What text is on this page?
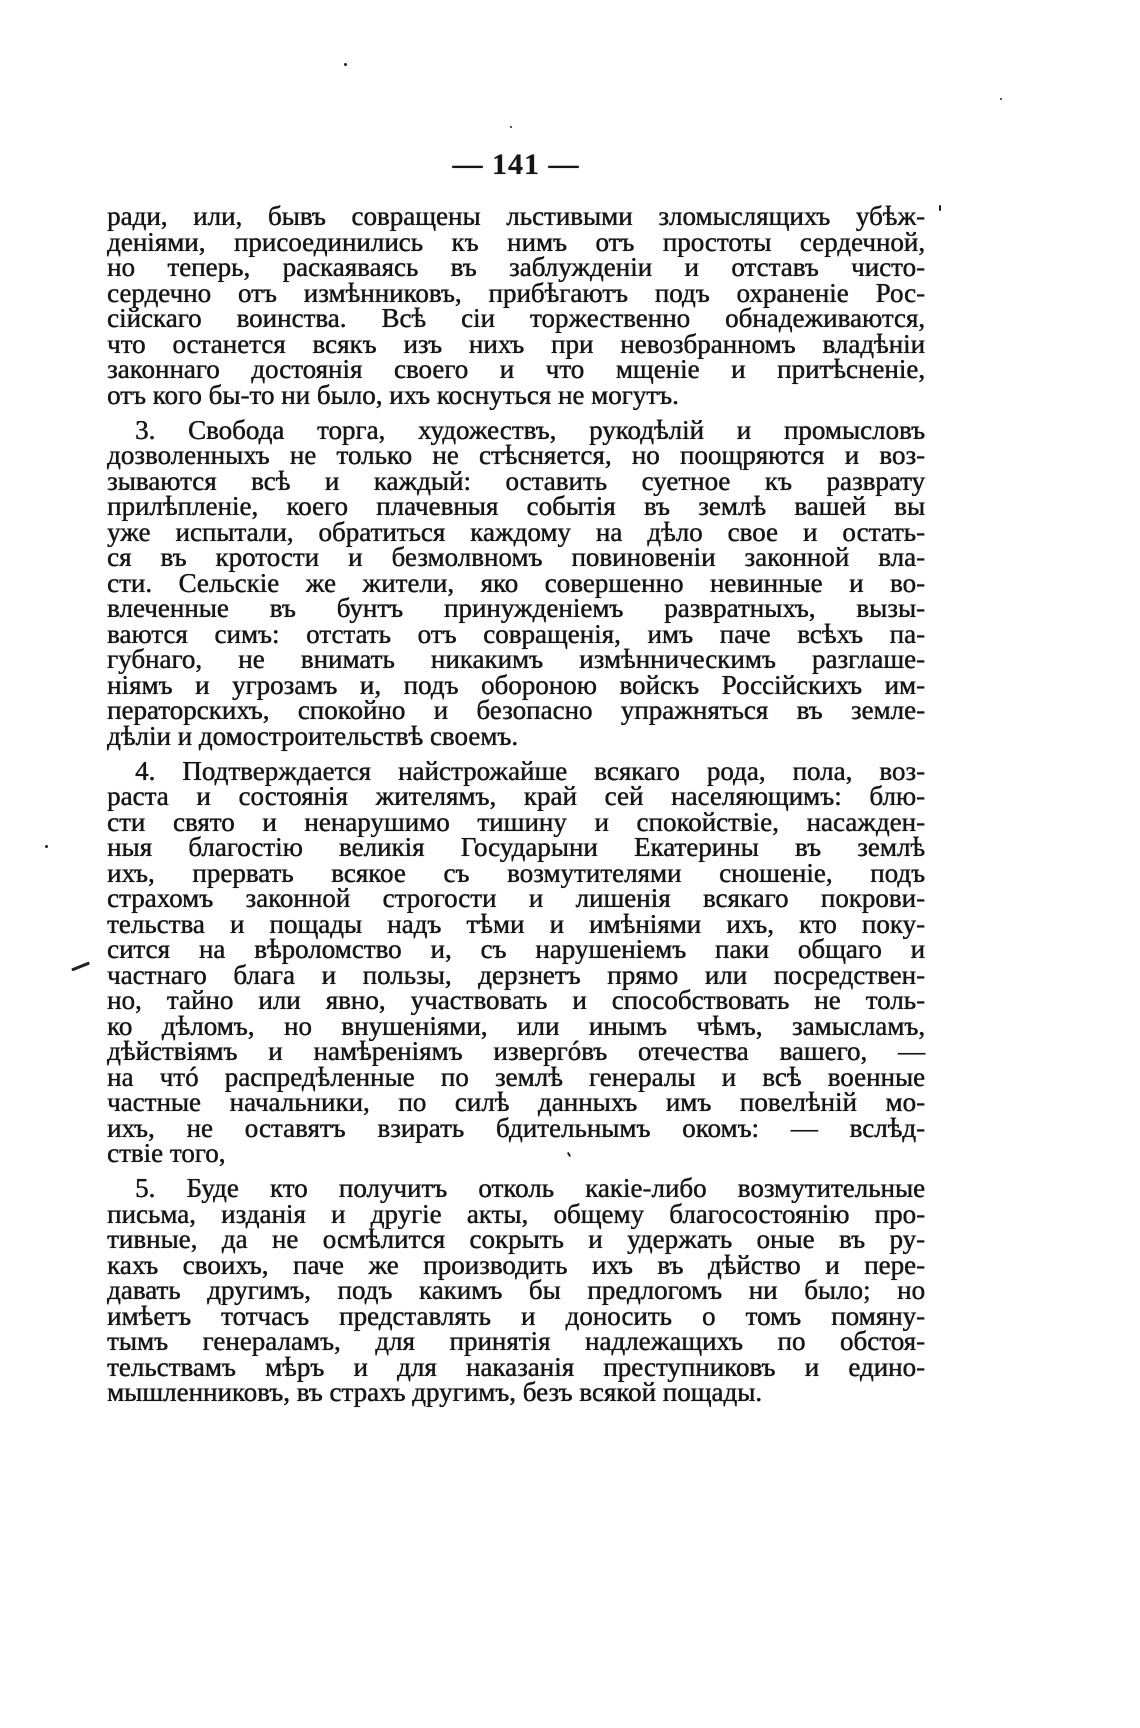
— 141 —
ради, или, бывъ совращены льстивыми зломыслящихъ убѣж-
деніями, присоединились къ нимъ отъ простоты сердечной,
но теперь, раскаяваясь въ заблужденіи и отставъ чисто-
сердечно отъ измѣнниковъ, прибѣгаютъ подъ охраненіе Рос-
сійскаго воинства. Всѣ сіи торжественно обнадеживаются,
что останется всякъ изъ нихъ при невозбранномъ владѣніи
законнаго достоянія своего и что мщеніе и притѣсненіе,
отъ кого бы-то ни было, ихъ коснуться не могутъ.
3. Свобода торга, художествъ, рукодѣлій и промысловъ
дозволенныхъ не только не стѣсняется, но поощряются и воз-
зываются всѣ и каждый: оставить суетное къ разврату
прилѣпленіе, коего плачевныя событія въ землѣ вашей вы
уже испытали, обратиться каждому на дѣло свое и остать-
ся въ кротости и безмолвномъ повиновеніи законной вла-
сти. Сельскіе же жители, яко совершенно невинные и во-
влеченные въ бунтъ принужденіемъ развратныхъ, вызы-
ваются симъ: отстать отъ совращенія, имъ паче всѣхъ па-
губнаго, не внимать никакимъ измѣнническимъ разглаше-
ніямъ и угрозамъ и, подъ обороною войскъ Россійскихъ им-
ператорскихъ, спокойно и безопасно упражняться въ земле-
дѣліи и домостроительствѣ своемъ.
4. Подтверждается найстрожайше всякаго рода, пола, воз-
раста и состоянія жителямъ, край сей населяющимъ: блю-
сти свято и ненарушимо тишину и спокойствіе, насажден-
ныя благостію великія Государыни Екатерины въ землѣ
ихъ, прервать всякое съ возмутителями сношеніе, подъ
страхомъ законной строгости и лишенія всякаго покрови-
тельства и пощады надъ тѣми и имѣніями ихъ, кто поку-
сится на вѣроломство и, съ нарушеніемъ паки общаго и
частнаго блага и пользы, дерзнетъ прямо или посредствен-
но, тайно или явно, участвовать и способствовать не толь-
ко дѣломъ, но внушеніями, или инымъ чѣмъ, замысламъ,
дѣйствіямъ и намѣреніямъ извергóвъ отечества вашего, —
на чтó распредѣленные по землѣ генералы и всѣ военные
частные начальники, по силѣ данныхъ имъ повелѣній мо-
ихъ, не оставятъ взирать бдительнымъ окомъ: — вслѣд-
ствіе того,
5. Буде кто получитъ отколь какіе-либо возмутительные
письма, изданія и другіе акты, общему благосостоянію про-
тивные, да не осмѣлится сокрыть и удержать оные въ ру-
кахъ своихъ, паче же производить ихъ въ дѣйство и пере-
давать другимъ, подъ какимъ бы предлогомъ ни было; но
имѣетъ тотчасъ представлять и доносить о томъ помяну-
тымъ генераламъ, для принятія надлежащихъ по обстоя-
тельствамъ мѣръ и для наказанія преступниковъ и едино-
мышленниковъ, въ страхъ другимъ, безъ всякой пощады.
